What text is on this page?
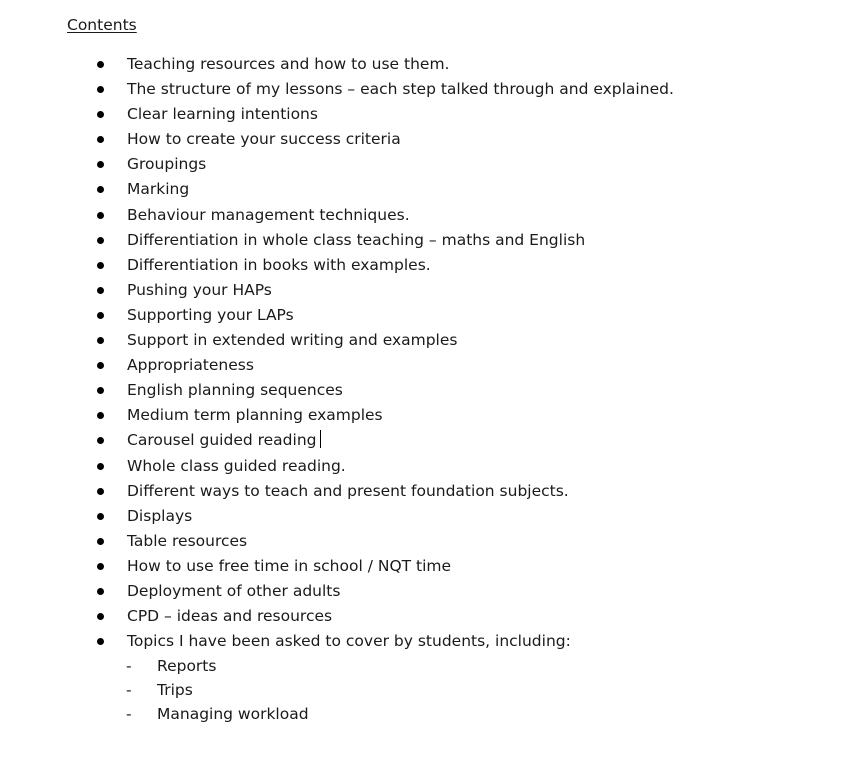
Contents
Teaching resources and how to use them.
The structure of my lessons – each step talked through and explained.
Clear learning intentions
How to create your success criteria
Groupings
Marking
Behaviour management techniques.
Differentiation in whole class teaching – maths and English
Differentiation in books with examples.
Pushing your HAPs
Supporting your LAPs
Support in extended writing and examples
Appropriateness
English planning sequences
Medium term planning examples
Carousel guided reading
Whole class guided reading.
Different ways to teach and present foundation subjects.
Displays
Table resources
How to use free time in school / NQT time
Deployment of other adults
CPD – ideas and resources
Topics I have been asked to cover by students, including:
- Reports
- Trips
- Managing workload
